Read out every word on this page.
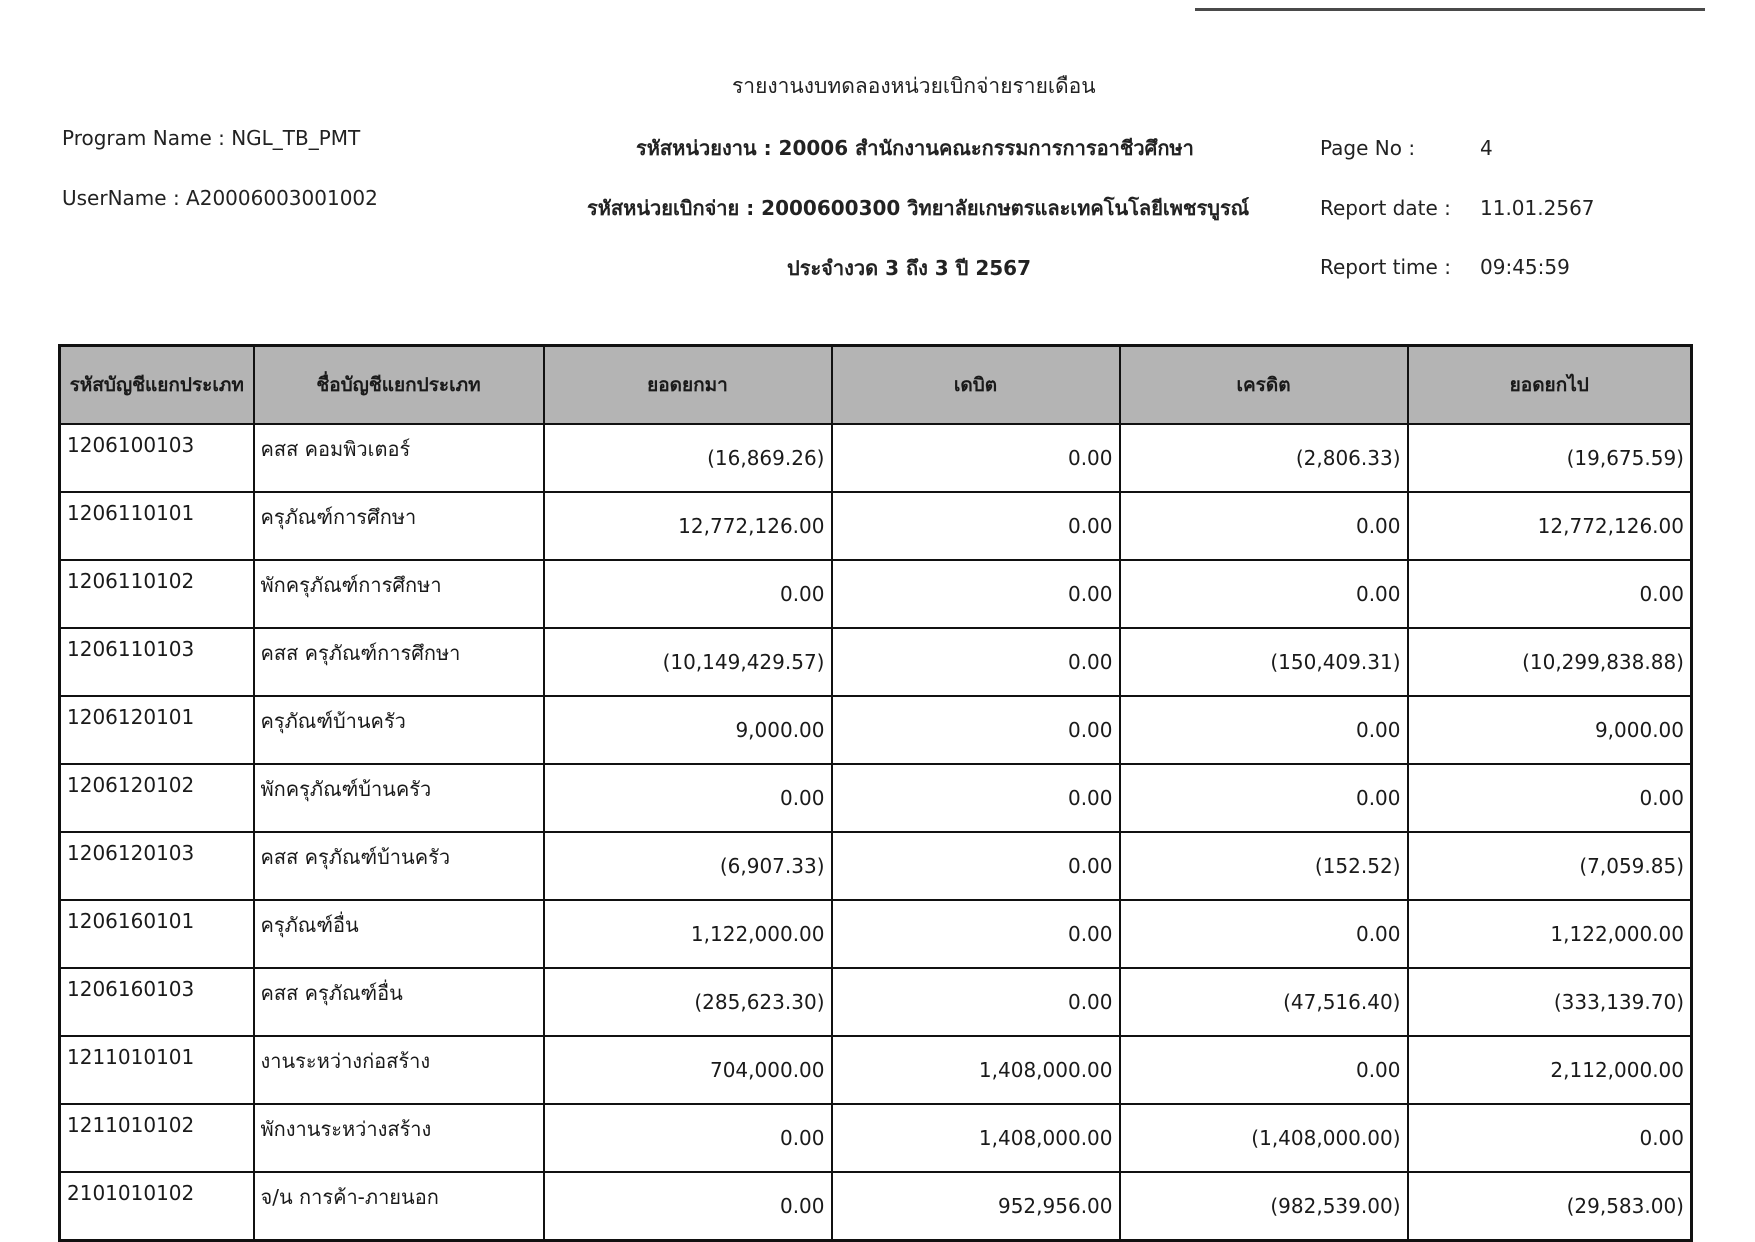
รายงานงบทดลองหน่วยเบิกจ่ายรายเดือน
Program Name : NGL_TB_PMT
UserName : A20006003001002
รหัสหน่วยงาน : 20006 สำนักงานคณะกรรมการการอาชีวศึกษา
รหัสหน่วยเบิกจ่าย : 2000600300 วิทยาลัยเกษตรและเทคโนโลยีเพชรบูรณ์
ประจำงวด 3 ถึง 3 ปี 2567
Page No :	4
Report date : 11.01.2567
Report time : 09:45:59
รหัสบัญชีแยกประเภท	ชื่อบัญชีแยกประเภท	ยอดยกมา	เดบิต	เครดิต	ยอดยกไป
1206100103	คสส คอมพิวเตอร์	(16,869.26)	0.00	(2,806.33)	(19,675.59)
1206110101	ครุภัณฑ์การศึกษา	12,772,126.00	0.00	0.00	12,772,126.00
1206110102	พักครุภัณฑ์การศึกษา	0.00	0.00	0.00	0.00
1206110103	คสส ครุภัณฑ์การศึกษา	(10,149,429.57)	0.00	(150,409.31)	(10,299,838.88)
1206120101	ครุภัณฑ์บ้านครัว	9,000.00	0.00	0.00	9,000.00
1206120102	พักครุภัณฑ์บ้านครัว	0.00	0.00	0.00	0.00
1206120103	คสส ครุภัณฑ์บ้านครัว	(6,907.33)	0.00	(152.52)	(7,059.85)
1206160101	ครุภัณฑ์อื่น	1,122,000.00	0.00	0.00	1,122,000.00
1206160103	คสส ครุภัณฑ์อื่น	(285,623.30)	0.00	(47,516.40)	(333,139.70)
1211010101	งานระหว่างก่อสร้าง	704,000.00	1,408,000.00	0.00	2,112,000.00
1211010102	พักงานระหว่างสร้าง	0.00	1,408,000.00	(1,408,000.00)	0.00
2101010102	จ/น การค้า-ภายนอก	0.00	952,956.00	(982,539.00)	(29,583.00)
